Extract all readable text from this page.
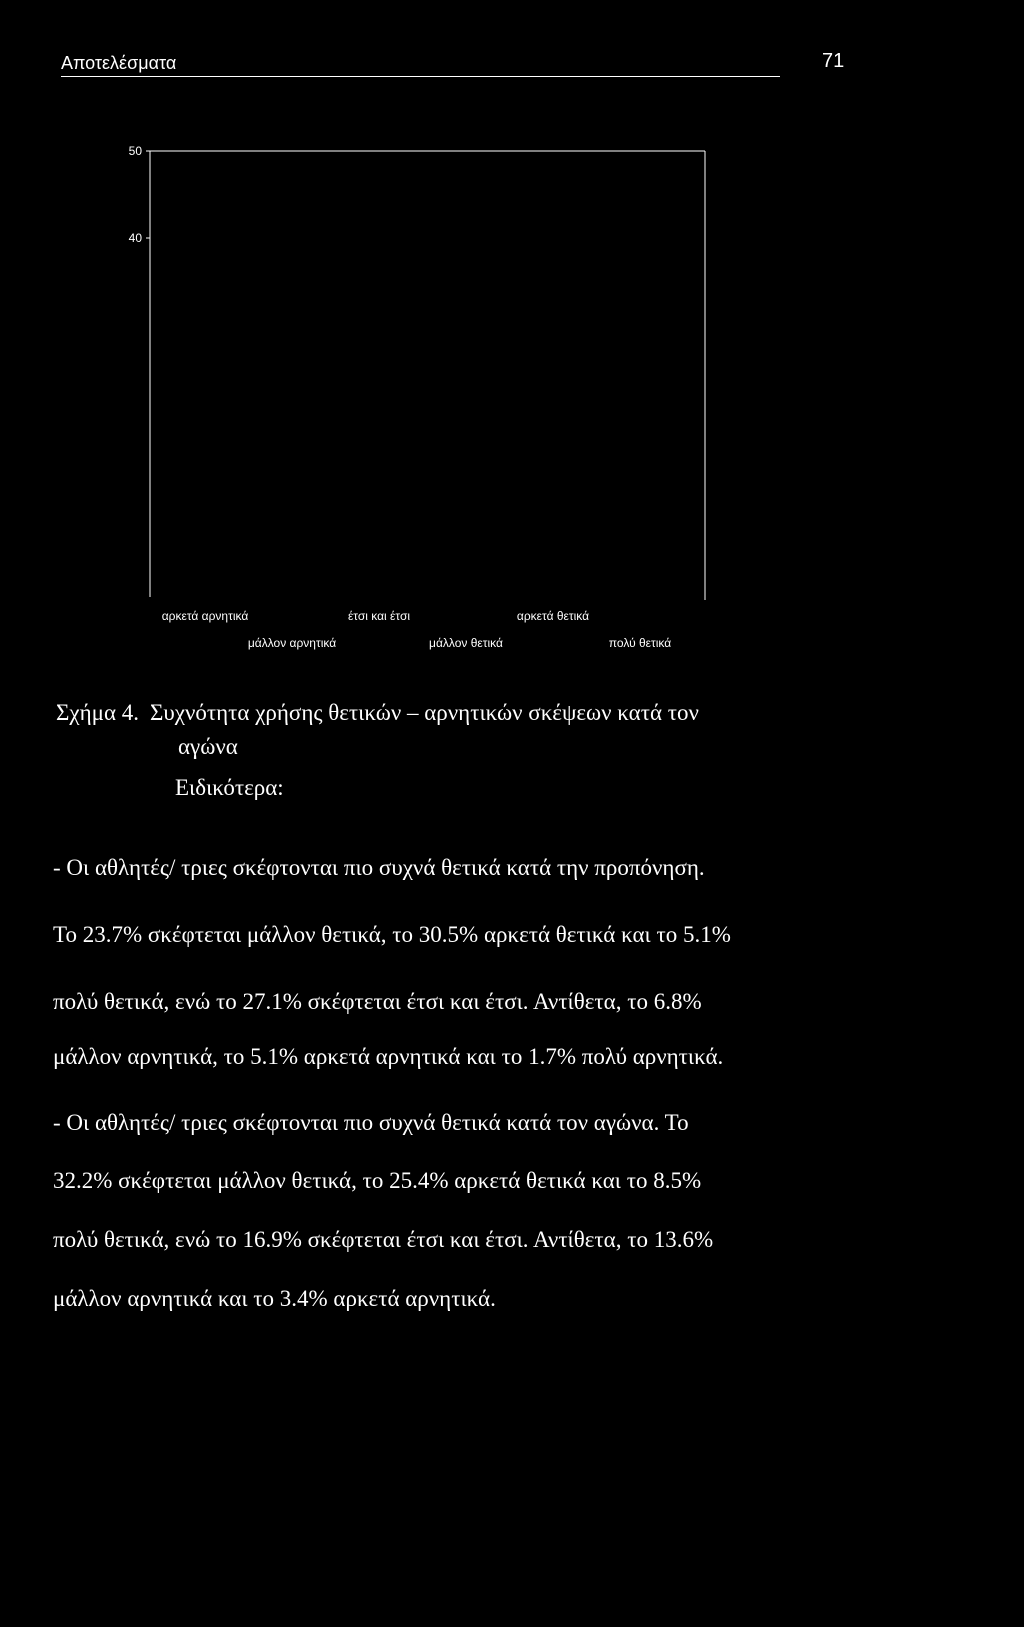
Αποτελέσματα	71
50
40
αρκετά αρνητικά	έτσι και έτσι	αρκετά θετικά
μάλλον αρνητικά	μάλλον θετικά	πολύ θετικά
Σχήμα 4. Συχνότητα χρήσης θετικών – αρνητικών σκέψεων κατά τον
αγώνα
Ειδικότερα:
- Οι αθλητές/ τριες σκέφτονται πιο συχνά θετικά κατά την προπόνηση.
Το 23.7% σκέφτεται μάλλον θετικά, το 30.5% αρκετά θετικά και το 5.1%
πολύ θετικά, ενώ το 27.1% σκέφτεται έτσι και έτσι. Αντίθετα, το 6.8%
μάλλον αρνητικά, το 5.1% αρκετά αρνητικά και το 1.7% πολύ αρνητικά.
- Οι αθλητές/ τριες σκέφτονται πιο συχνά θετικά κατά τον αγώνα. Το
32.2% σκέφτεται μάλλον θετικά, το 25.4% αρκετά θετικά και το 8.5%
πολύ θετικά, ενώ το 16.9% σκέφτεται έτσι και έτσι. Αντίθετα, το 13.6%
μάλλον αρνητικά και το 3.4% αρκετά αρνητικά.
